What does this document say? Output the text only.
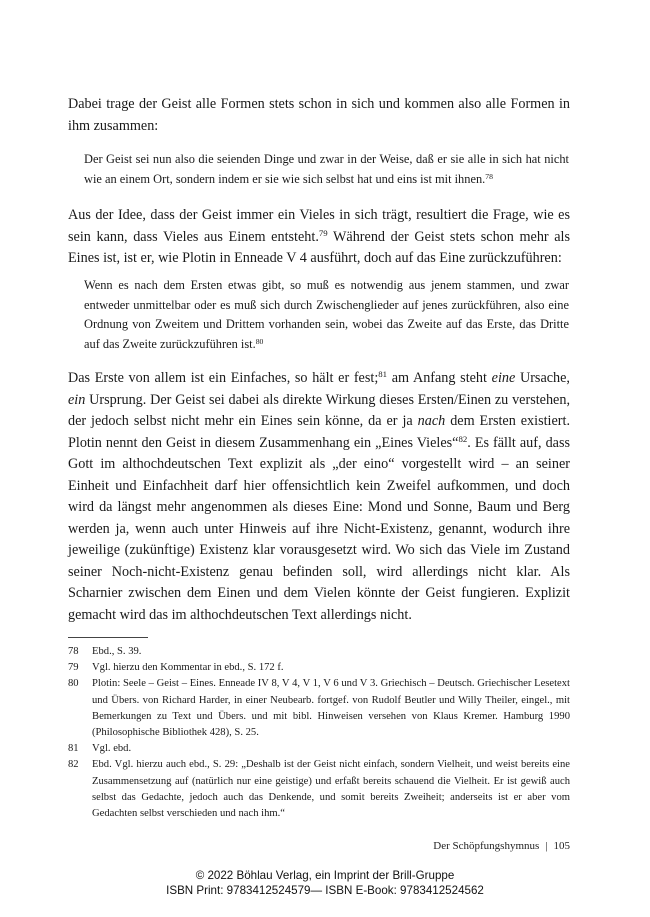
Dabei trage der Geist alle Formen stets schon in sich und kommen also alle Formen in ihm zusammen:

Der Geist sei nun also die seienden Dinge und zwar in der Weise, daß er sie alle in sich hat nicht wie an einem Ort, sondern indem er sie wie sich selbst hat und eins ist mit ihnen.$^{78}$

Aus der Idee, dass der Geist immer ein Vieles in sich trägt, resultiert die Frage, wie es sein kann, dass Vieles aus Einem entsteht.$^{79}$ Während der Geist stets schon mehr als Eines ist, ist er, wie Plotin in Enneade V 4 ausführt, doch auf das Eine zurückzuführen:

Wenn es nach dem Ersten etwas gibt, so muß es notwendig aus jenem stammen, und zwar entweder unmittelbar oder es muß sich durch Zwischenglieder auf jenes zurückführen, also eine Ordnung von Zweitem und Drittem vorhanden sein, wobei das Zweite auf das Erste, das Dritte auf das Zweite zurückzuführen ist.$^{80}$

Das Erste von allem ist ein Einfaches, so hält er fest;$^{81}$ am Anfang steht eine Ursache, ein Ursprung. Der Geist sei dabei als direkte Wirkung dieses Ersten/Einen zu verstehen, der jedoch selbst nicht mehr ein Eines sein könne, da er ja nach dem Ersten existiert. Plotin nennt den Geist in diesem Zusammenhang ein „Eines Vieles“$^{82}$. Es fällt auf, dass Gott im althochdeutschen Text explizit als „der eino“ vorgestellt wird – an seiner Einheit und Einfachheit darf hier offensichtlich kein Zweifel aufkommen, und doch wird da längst mehr angenommen als dieses Eine: Mond und Sonne, Baum und Berg werden ja, wenn auch unter Hinweis auf ihre Nicht-Existenz, genannt, wodurch ihre jeweilige (zukünftige) Existenz klar vorausgesetzt wird. Wo sich das Viele im Zustand seiner Noch-nicht-Existenz genau befinden soll, wird allerdings nicht klar. Als Scharnier zwischen dem Einen und dem Vielen könnte der Geist fungieren. Explizit gemacht wird das im althochdeutschen Text allerdings nicht.

78	Ebd., S. 39.
79	Vgl. hierzu den Kommentar in ebd., S. 172 f.
80	Plotin: Seele – Geist – Eines. Enneade IV 8, V 4, V 1, V 6 und V 3. Griechisch – Deutsch. Griechischer Lesetext und Übers. von Richard Harder, in einer Neubearb. fortgef. von Rudolf Beutler und Willy Theiler, eingel., mit Bemerkungen zu Text und Übers. und mit bibl. Hinweisen versehen von Klaus Kremer. Hamburg 1990 (Philosophische Bibliothek 428), S. 25.
81	Vgl. ebd.
82	Ebd. Vgl. hierzu auch ebd., S. 29: „Deshalb ist der Geist nicht einfach, sondern Vielheit, und weist bereits eine Zusammensetzung auf (natürlich nur eine geistige) und erfaßt bereits schauend die Vielheit. Er ist gewiß auch selbst das Gedachte, jedoch auch das Denkende, und somit bereits Zweiheit; anderseits ist er aber vom Gedachten selbst verschieden und nach ihm.“
Der Schöpfungshymnus | 105
© 2022 Böhlau Verlag, ein Imprint der Brill-Gruppe
ISBN Print: 9783412524579— ISBN E-Book: 9783412524562
